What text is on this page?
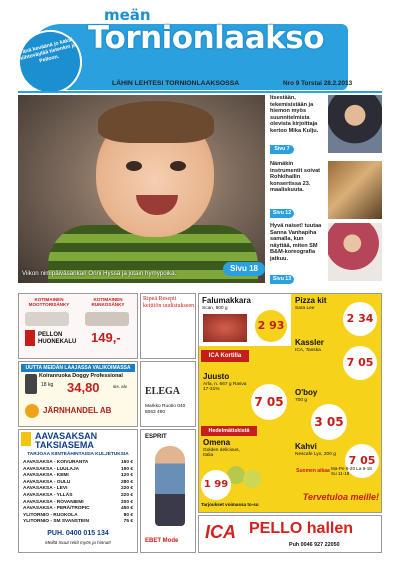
meän
Tornionlaakso
Tänä keväänä jo kaksi hiihtoväylää tietenkin ja Pelloon.
LÄHIN LEHTESI TORNIONLAAKSOSSA	Nro 9 Torstai 28.2.2013
Viikon nimipäiväsankari Onni Hyssä ja jotain hymypoika.
Sivu 18

Itsestään, tekemisistään ja hiemon myös suunnitelmista olevista kirjoittaja kertoo Mika Kulju.

Sivu 7

Nämäkin instrumentit soivat Rohkihallin konsertissa 23. maaliskuuta.

Sivu 12

Hyvä naiset! tuutaa Sanna Vanhapiha samalla, kun näyttää, miten SM B&M-koreografia jatkuu.

Sivu 13
KOTIMAINEN MOOTTORISÄNKY
KOTIMAINEN RUNKOSÄNKY
PELLON HUONEKALU 149,-
UUTTA MEIDÄN LAAJASSA VALIKOIMASSA
Koiranruoka Doggy Professional
18 kg 34,80	sis. alv
JÄRNHANDEL AB
AAVASAKSAN TAKSIASEMA
TARJOAA KIINTEÄHINTAISIA KULJETUKSIA
AAVASAKSA - KOIVURANTA	160 €
AAVASAKSA - LUULAJA	190 €
AAVASAKSA - KEMI	120 €
AAVASAKSA - OULU	280 €
AAVASAKSA - LEVI	220 €
AAVASAKSA - YLLÄS	220 €
AAVASAKSA - ROVANIEMI	200 €
AAVASAKSA - PERÄ/TROPIC	450 €
YLITORNIO - RUOKOLA	80 €
YLITORNIO - SM SVANSTEIN	75 €
PUH. 0400 015 134
Meiltä muut reitit myös ja hinnat!
Ripeä Resepti keittiön uudistukseen
ELEGA
Markko Ruotio 040 8063 490
ESPRIT
EBET Mode
Falumakkara
Scan, 800 g
2 93
ICA Kortilla
Juusto
Arla, n. 667 g Rasva 17-31%
7 05
Hedelmätiskistä
Omena
Golden delicious, Italia
1 99
Tarjoukset voimassa to-su
Pizza kit
Sara Lee
2 34
Kassler
ICA, Tanska
7 05
O'boy
700 g
3 05
Kahvi
Nescafe Lyx, 200 g	7 05
Suomen aikaa Ma-Pe 9-20 La 9-18 Su 11-18
Tervetuloa meille!
ICA PELLO hallen
Puh 0046 927 22050
